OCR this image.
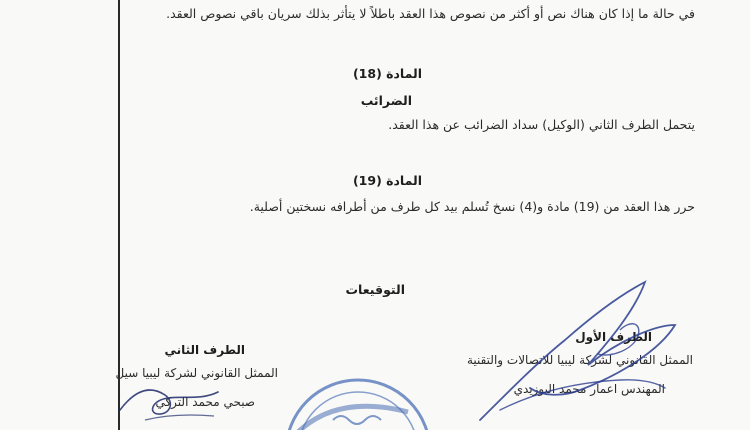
في حالة ما إذا كان هناك نص أو أكثر من نصوص هذا العقد باطلاً لا يتأثر بذلك سريان باقي نصوص العقد.
المادة (18)
الضرائب
يتحمل الطرف الثاني (الوكيل) سداد الضرائب عن هذا العقد.
المادة (19)
حرر هذا العقد من (19) مادة و(4) نسخ تُسلم بيد كل طرف من أطرافه نسختين أصلية.
التوقيعات
الطرف الأول
الممثل القانوني لشركة ليبيا للاتصالات والتقنية
المهندس اعمار محمد البوزيدي
الطرف الثاني
الممثل القانوني لشركة ليبيا سيل
صبحي محمد التركي
